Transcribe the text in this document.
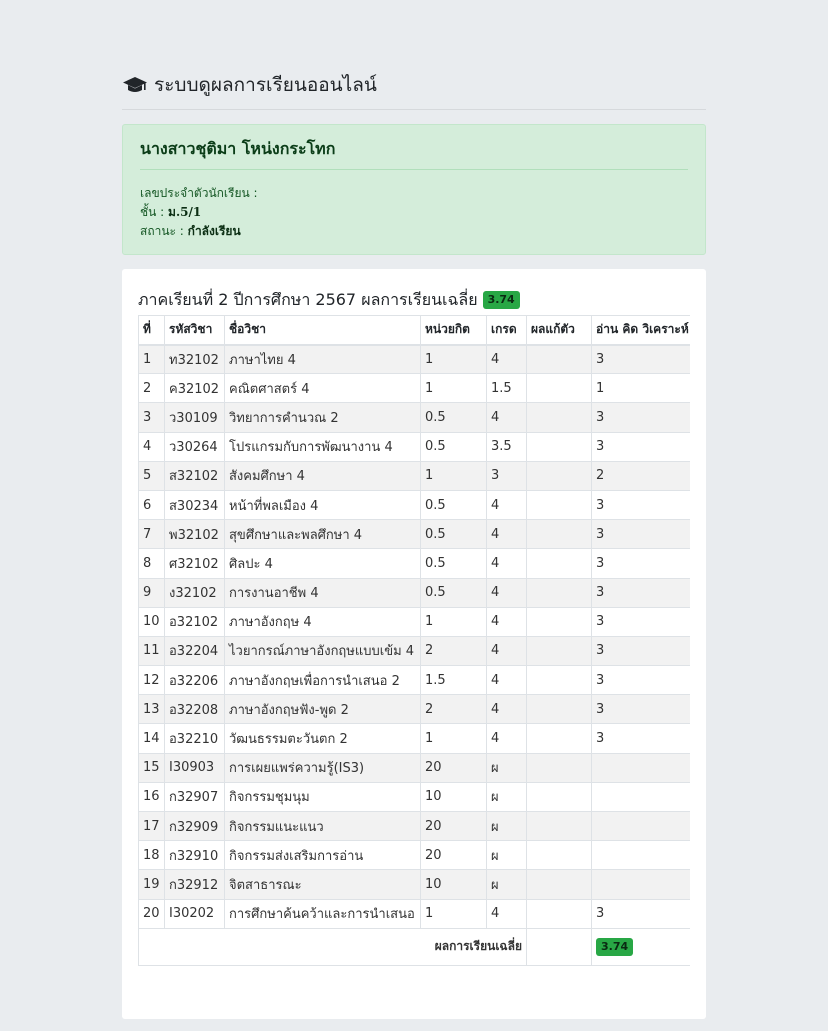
ระบบดูผลการเรียนออนไลน์
นางสาวชุติมา โหน่งกระโทก
เลขประจำตัวนักเรียน :
ชั้น : ม.5/1
สถานะ : กำลังเรียน
ภาคเรียนที่ 2 ปีการศึกษา 2567 ผลการเรียนเฉลี่ย 3.74
ที่	รหัสวิชา	ชื่อวิชา	หน่วยกิต	เกรด	ผลแก้ตัว	อ่าน คิด วิเคราะห์
1	ท32102	ภาษาไทย 4	1	4		3
2	ค32102	คณิตศาสตร์ 4	1	1.5		1
3	ว30109	วิทยาการคำนวณ 2	0.5	4		3
4	ว30264	โปรแกรมกับการพัฒนางาน 4	0.5	3.5		3
5	ส32102	สังคมศึกษา 4	1	3		2
6	ส30234	หน้าที่พลเมือง 4	0.5	4		3
7	พ32102	สุขศึกษาและพลศึกษา 4	0.5	4		3
8	ศ32102	ศิลปะ 4	0.5	4		3
9	ง32102	การงานอาชีพ 4	0.5	4		3
10	อ32102	ภาษาอังกฤษ 4	1	4		3
11	อ32204	ไวยากรณ์ภาษาอังกฤษแบบเข้ม 4	2	4		3
12	อ32206	ภาษาอังกฤษเพื่อการนำเสนอ 2	1.5	4		3
13	อ32208	ภาษาอังกฤษฟัง-พูด 2	2	4		3
14	อ32210	วัฒนธรรมตะวันตก 2	1	4		3
15	I30903	การเผยแพร่ความรู้(IS3)	20	ผ		
16	ก32907	กิจกรรมชุมนุม	10	ผ		
17	ก32909	กิจกรรมแนะแนว	20	ผ		
18	ก32910	กิจกรรมส่งเสริมการอ่าน	20	ผ		
19	ก32912	จิตสาธารณะ	10	ผ		
20	I30202	การศึกษาค้นคว้าและการนำเสนอ	1	4		3
ผลการเรียนเฉลี่ย						3.74
